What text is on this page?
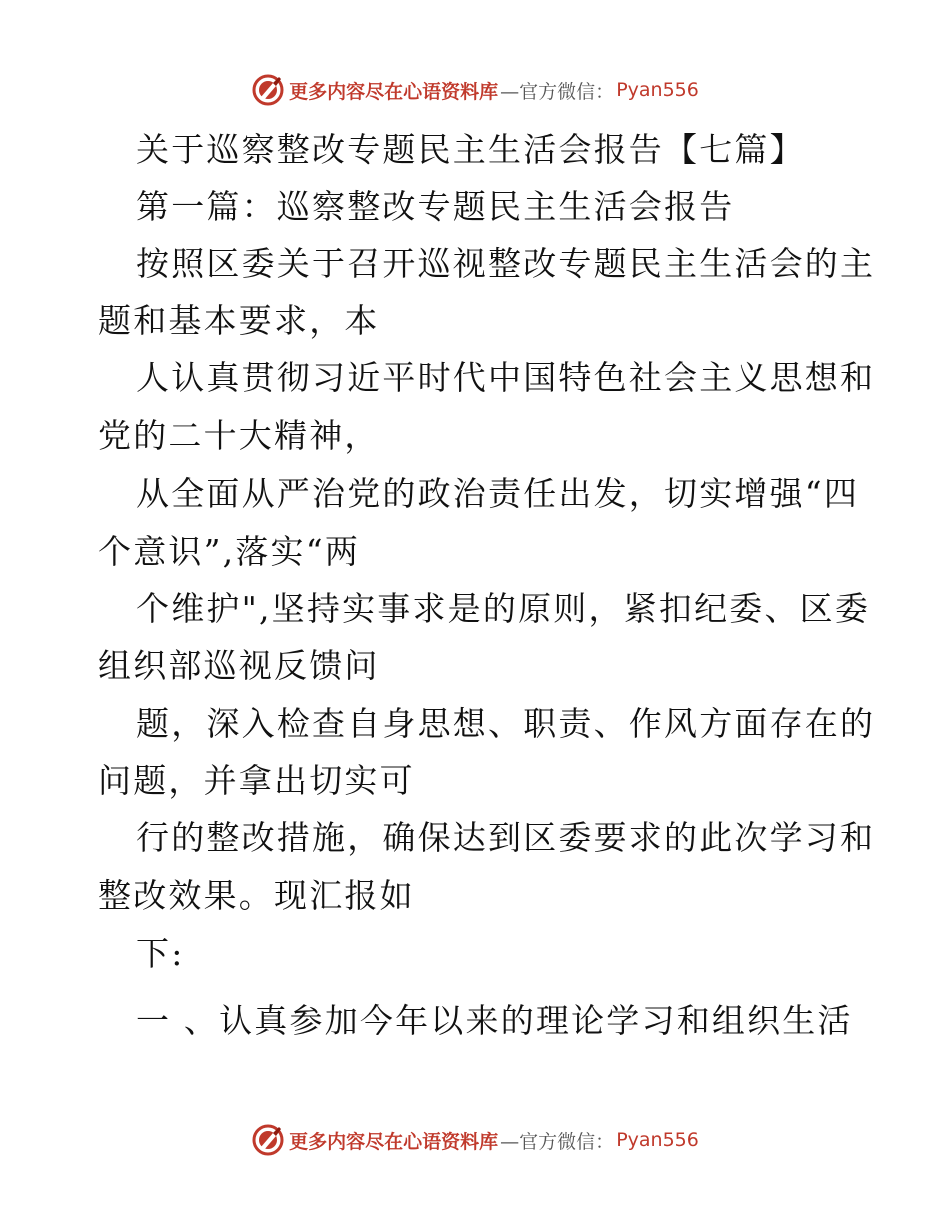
更多内容尽在心语资料库 —官方微信： Pyan556
关于巡察整改专题民主生活会报告【七篇】
第一篇：巡察整改专题民主生活会报告
按照区委关于召开巡视整改专题民主生活会的主
题和基本要求，本
人认真贯彻习近平时代中国特色社会主义思想和
党的二十大精神，
从全面从严治党的政治责任出发，切实增强“四
个意识”,落实“两
个维护",坚持实事求是的原则，紧扣纪委、区委
组织部巡视反馈问
题，深入检查自身思想、职责、作风方面存在的
问题，并拿出切实可
行的整改措施，确保达到区委要求的此次学习和
整改效果。现汇报如
下:
一 、认真参加今年以来的理论学习和组织生活
更多内容尽在心语资料库 —官方微信： Pyan556
